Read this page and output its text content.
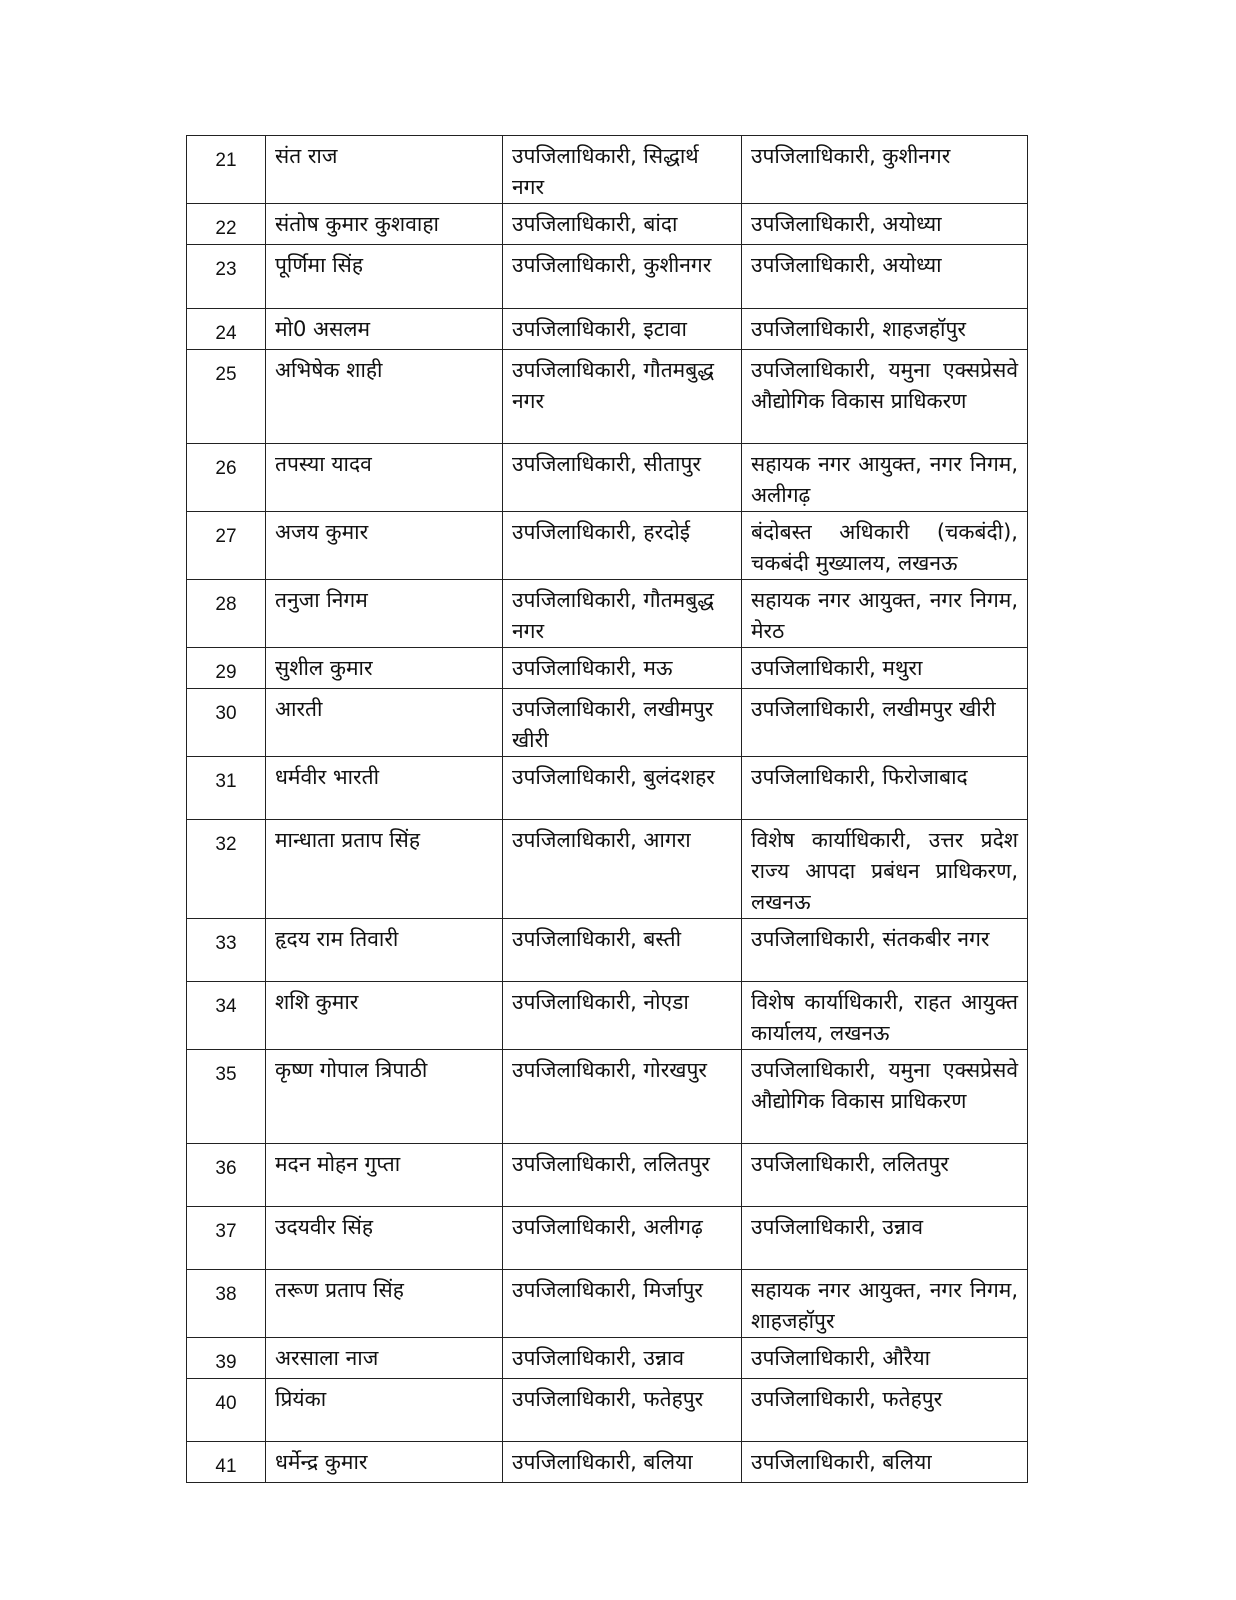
21	संत राज	उपजिलाधिकारी, सिद्धार्थ नगर	उपजिलाधिकारी, कुशीनगर
22	संतोष कुमार कुशवाहा	उपजिलाधिकारी, बांदा	उपजिलाधिकारी, अयोध्या
23	पूर्णिमा सिंह	उपजिलाधिकारी, कुशीनगर	उपजिलाधिकारी, अयोध्या
24	मो0 असलम	उपजिलाधिकारी, इटावा	उपजिलाधिकारी, शाहजहॉपुर
25	अभिषेक शाही	उपजिलाधिकारी, गौतमबुद्ध नगर	उपजिलाधिकारी, यमुना एक्सप्रेसवे औद्योगिक विकास प्राधिकरण
26	तपस्या यादव	उपजिलाधिकारी, सीतापुर	सहायक नगर आयुक्त, नगर निगम, अलीगढ़
27	अजय कुमार	उपजिलाधिकारी, हरदोई	बंदोबस्त अधिकारी (चकबंदी), चकबंदी मुख्यालय, लखनऊ
28	तनुजा निगम	उपजिलाधिकारी, गौतमबुद्ध नगर	सहायक नगर आयुक्त, नगर निगम, मेरठ
29	सुशील कुमार	उपजिलाधिकारी, मऊ	उपजिलाधिकारी, मथुरा
30	आरती	उपजिलाधिकारी, लखीमपुर खीरी	उपजिलाधिकारी, लखीमपुर खीरी
31	धर्मवीर भारती	उपजिलाधिकारी, बुलंदशहर	उपजिलाधिकारी, फिरोजाबाद
32	मान्धाता प्रताप सिंह	उपजिलाधिकारी, आगरा	विशेष कार्याधिकारी, उत्तर प्रदेश राज्य आपदा प्रबंधन प्राधिकरण, लखनऊ
33	हृदय राम तिवारी	उपजिलाधिकारी, बस्ती	उपजिलाधिकारी, संतकबीर नगर
34	शशि कुमार	उपजिलाधिकारी, नोएडा	विशेष कार्याधिकारी, राहत आयुक्त कार्यालय, लखनऊ
35	कृष्ण गोपाल त्रिपाठी	उपजिलाधिकारी, गोरखपुर	उपजिलाधिकारी, यमुना एक्सप्रेसवे औद्योगिक विकास प्राधिकरण
36	मदन मोहन गुप्ता	उपजिलाधिकारी, ललितपुर	उपजिलाधिकारी, ललितपुर
37	उदयवीर सिंह	उपजिलाधिकारी, अलीगढ़	उपजिलाधिकारी, उन्नाव
38	तरूण प्रताप सिंह	उपजिलाधिकारी, मिर्जापुर	सहायक नगर आयुक्त, नगर निगम, शाहजहॉपुर
39	अरसाला नाज	उपजिलाधिकारी, उन्नाव	उपजिलाधिकारी, औरैया
40	प्रियंका	उपजिलाधिकारी, फतेहपुर	उपजिलाधिकारी, फतेहपुर
41	धर्मेन्द्र कुमार	उपजिलाधिकारी, बलिया	उपजिलाधिकारी, बलिया
